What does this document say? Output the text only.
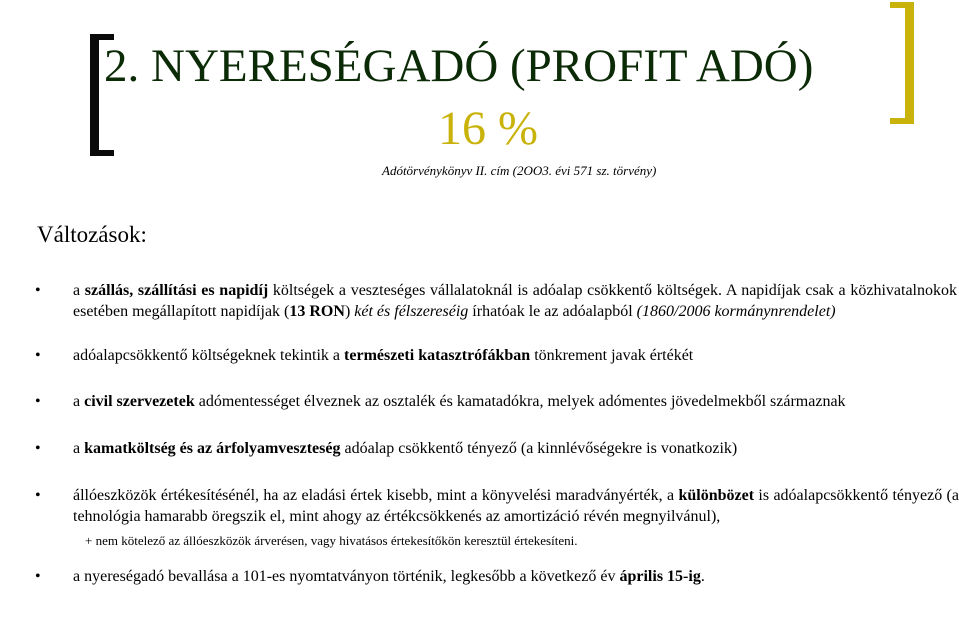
2. NYERESÉGADÓ (PROFIT ADÓ)
16 %
Adótörvénykönyv II. cím (2OO3. évi 571 sz. törvény)
Változások:
• a szállás, szállítási es napidíj költségek a veszteséges vállalatoknál is adóalap csökkentő költségek. A napidíjak csak a közhivatalnokok esetében megállapított napidíjak (13 RON) két és félszereséig írhatóak le az adóalapból (1860/2006 kormánynrendelet)
• adóalapcsökkentő költségeknek tekintik a természeti katasztrófákban tönkrement javak értékét
• a civil szervezetek adómentességet élveznek az osztalék és kamatadókra, melyek adómentes jövedelmekből származnak
• a kamatköltség és az árfolyamveszteség adóalap csökkentő tényező (a kinnlévőségekre is vonatkozik)
• állóeszközök értékesítésénél, ha az eladási értek kisebb, mint a könyvelési maradványérték, a különbözet is adóalapcsökkentő tényező (a tehnológia hamarabb öregszik el, mint ahogy az értékcsökkenés az amortizáció révén megnyilvánul),
+ nem kötelező az állóeszközök árverésen, vagy hivatásos értekesítőkön keresztül értekesíteni.
• a nyereségadó bevallása a 101-es nyomtatványon történik, legkesőbb a következő év április 15-ig.
